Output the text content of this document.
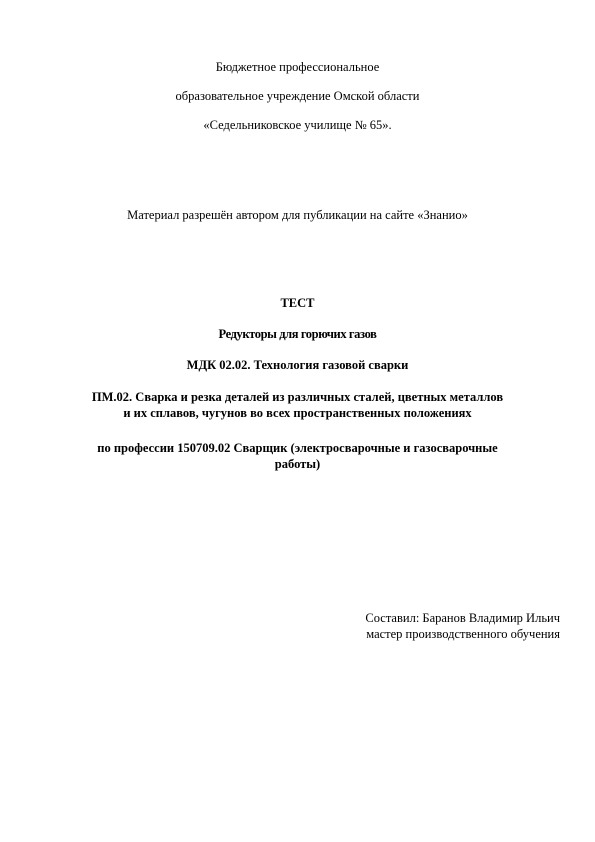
Бюджетное профессиональное
образовательное учреждение Омской области
«Седельниковское училище № 65».
Материал разрешён автором для публикации на сайте «Знанио»
ТЕСТ
Редукторы для горючих газов
МДК 02.02. Технология газовой сварки
ПМ.02. Сварка и резка деталей из различных сталей, цветных металлов
и их сплавов, чугунов во всех пространственных положениях
по профессии 150709.02 Сварщик (электросварочные и газосварочные
работы)
Составил: Баранов Владимир Ильич
мастер производственного обучения
